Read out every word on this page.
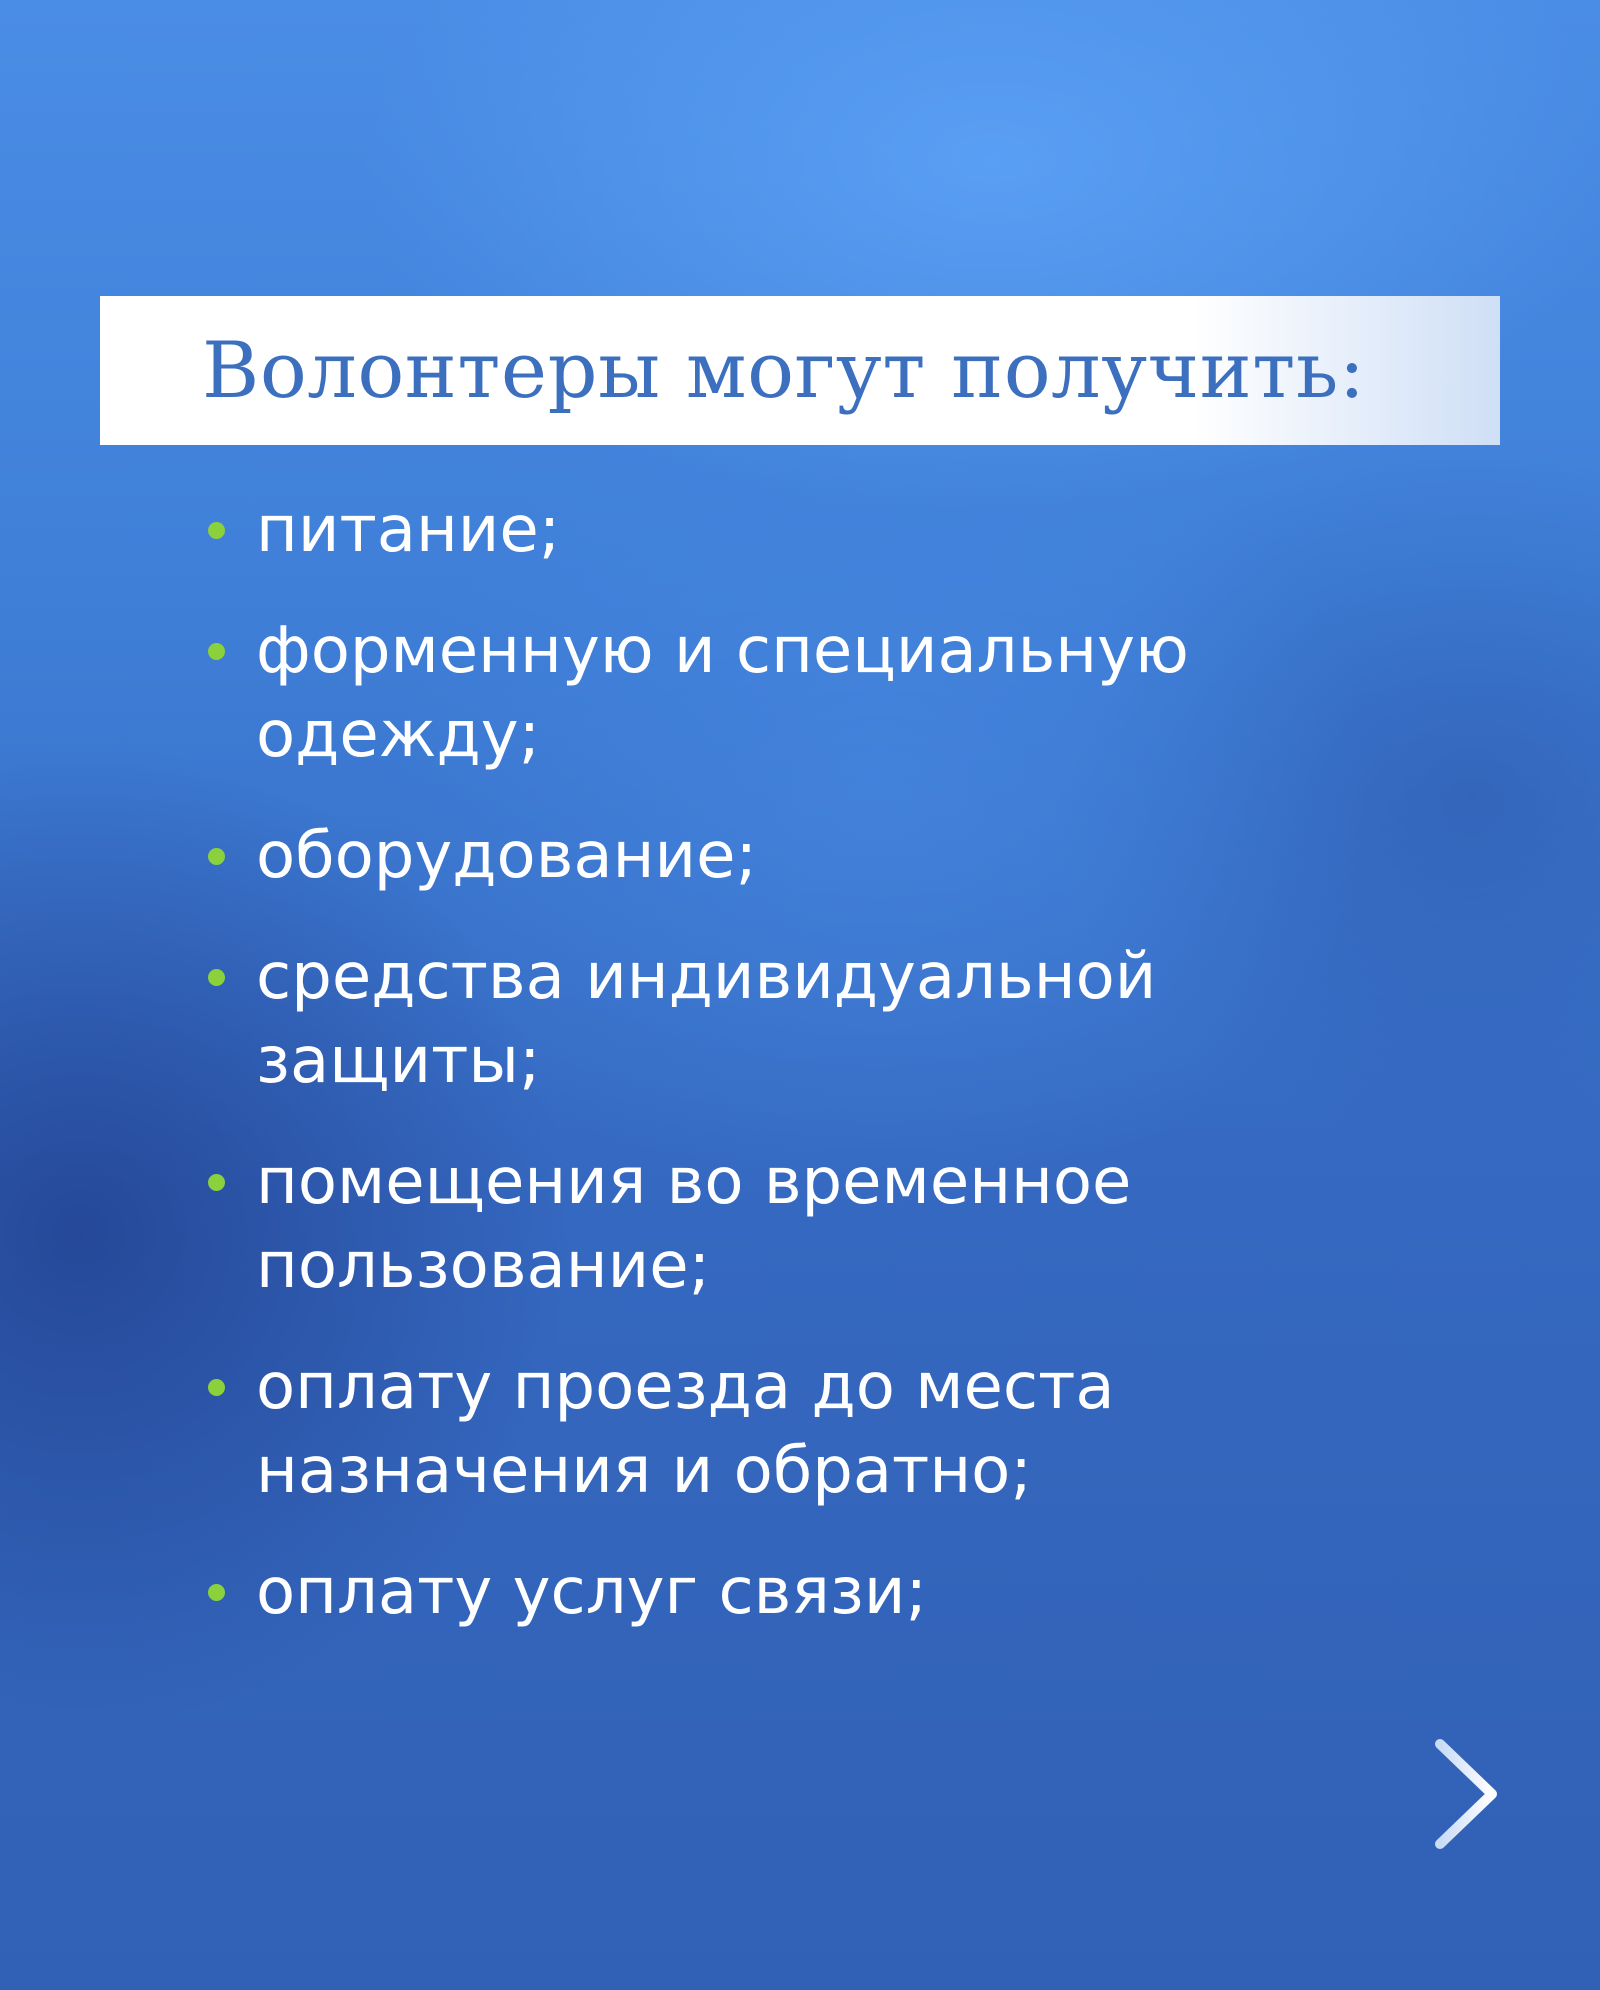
Волонтеры могут получить:
питание;
форменную и специальную одежду;
оборудование;
средства индивидуальной защиты;
помещения во временное пользование;
оплату проезда до места назначения и обратно;
оплату услуг связи;
